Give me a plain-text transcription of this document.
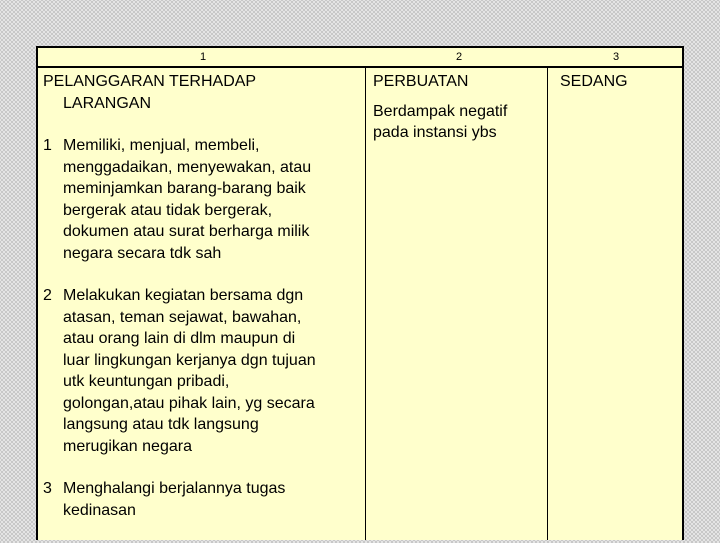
1	2	3
PELANGGARAN TERHADAP
LARANGAN
1 Memiliki, menjual, membeli,
menggadaikan, menyewakan, atau
meminjamkan barang-barang baik
bergerak atau tidak bergerak,
dokumen atau surat berharga milik
negara secara tdk sah
2 Melakukan kegiatan bersama dgn
atasan, teman sejawat, bawahan,
atau orang lain di dlm maupun di
luar lingkungan kerjanya dgn tujuan
utk keuntungan pribadi,
golongan,atau pihak lain, yg secara
langsung atau tdk langsung
merugikan negara
3 Menghalangi berjalannya tugas
kedinasan
PERBUATAN
Berdampak negatif
pada instansi ybs
SEDANG
